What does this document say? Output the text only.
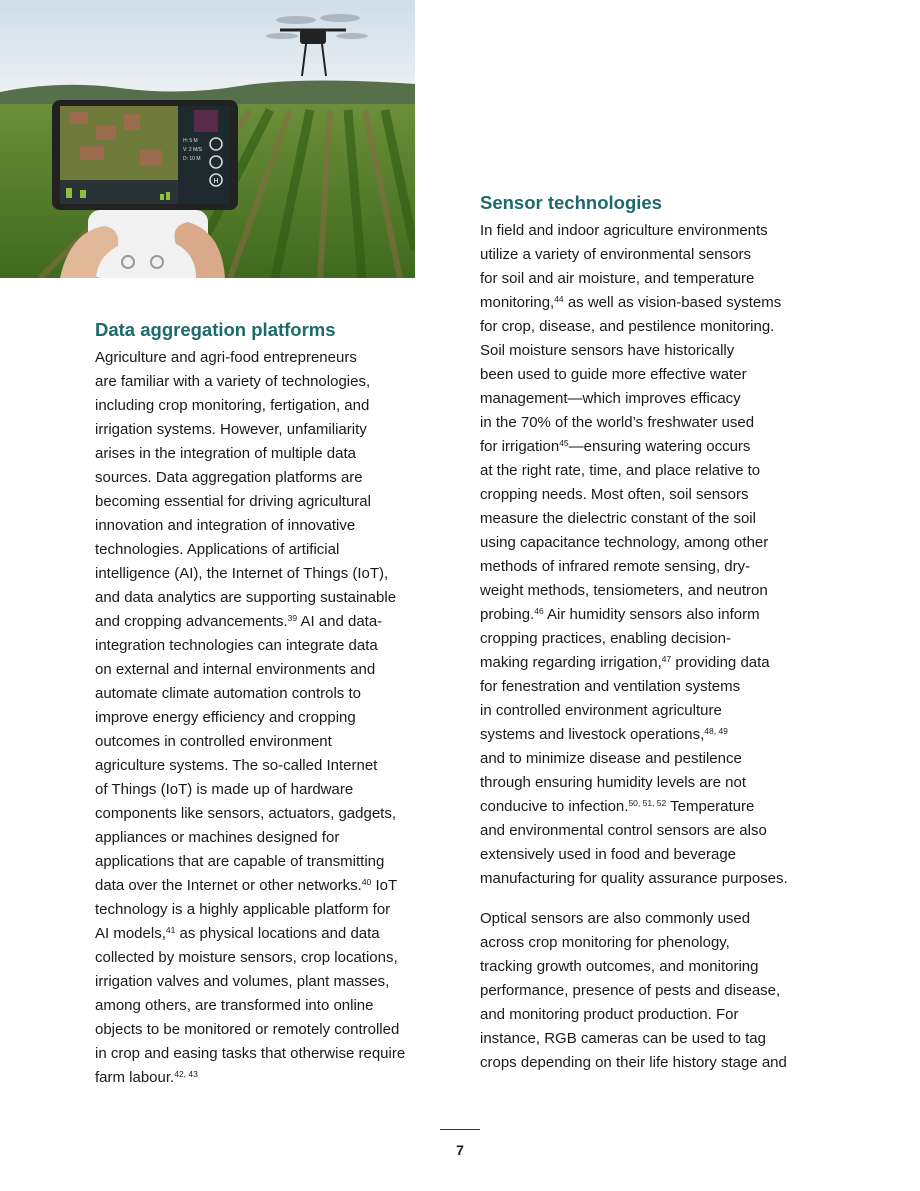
H
H: 5 M
V: 2 M/S
D: 10 M
Data aggregation platforms
Agriculture and agri-food entrepreneurs
are familiar with a variety of technologies,
including crop monitoring, fertigation, and
irrigation systems. However, unfamiliarity
arises in the integration of multiple data
sources. Data aggregation platforms are
becoming essential for driving agricultural
innovation and integration of innovative
technologies. Applications of artificial
intelligence (AI), the Internet of Things (IoT),
and data analytics are supporting sustainable
and cropping advancements.$^{39}$ AI and data-
integration technologies can integrate data
on external and internal environments and
automate climate automation controls to
improve energy efficiency and cropping
outcomes in controlled environment
agriculture systems. The so-called Internet
of Things (IoT) is made up of hardware
components like sensors, actuators, gadgets,
appliances or machines designed for
applications that are capable of transmitting
data over the Internet or other networks.$^{40}$ IoT
technology is a highly applicable platform for
AI models,$^{41}$ as physical locations and data
collected by moisture sensors, crop locations,
irrigation valves and volumes, plant masses,
among others, are transformed into online
objects to be monitored or remotely controlled
in crop and easing tasks that otherwise require
farm labour.$^{42, 43}$
Sensor technologies
In field and indoor agriculture environments
utilize a variety of environmental sensors
for soil and air moisture, and temperature
monitoring,$^{44}$ as well as vision-based systems
for crop, disease, and pestilence monitoring.
Soil moisture sensors have historically
been used to guide more effective water
management—which improves efficacy
in the 70% of the world’s freshwater used
for irrigation$^{45}$—ensuring watering occurs
at the right rate, time, and place relative to
cropping needs. Most often, soil sensors
measure the dielectric constant of the soil
using capacitance technology, among other
methods of infrared remote sensing, dry-
weight methods, tensiometers, and neutron
probing.$^{46}$ Air humidity sensors also inform
cropping practices, enabling decision-
making regarding irrigation,$^{47}$ providing data
for fenestration and ventilation systems
in controlled environment agriculture
systems and livestock operations,$^{48, 49}$
and to minimize disease and pestilence
through ensuring humidity levels are not
conducive to infection.$^{50, 51, 52}$ Temperature
and environmental control sensors are also
extensively used in food and beverage
manufacturing for quality assurance purposes.
Optical sensors are also commonly used
across crop monitoring for phenology,
tracking growth outcomes, and monitoring
performance, presence of pests and disease,
and monitoring product production. For
instance, RGB cameras can be used to tag
crops depending on their life history stage and
7
